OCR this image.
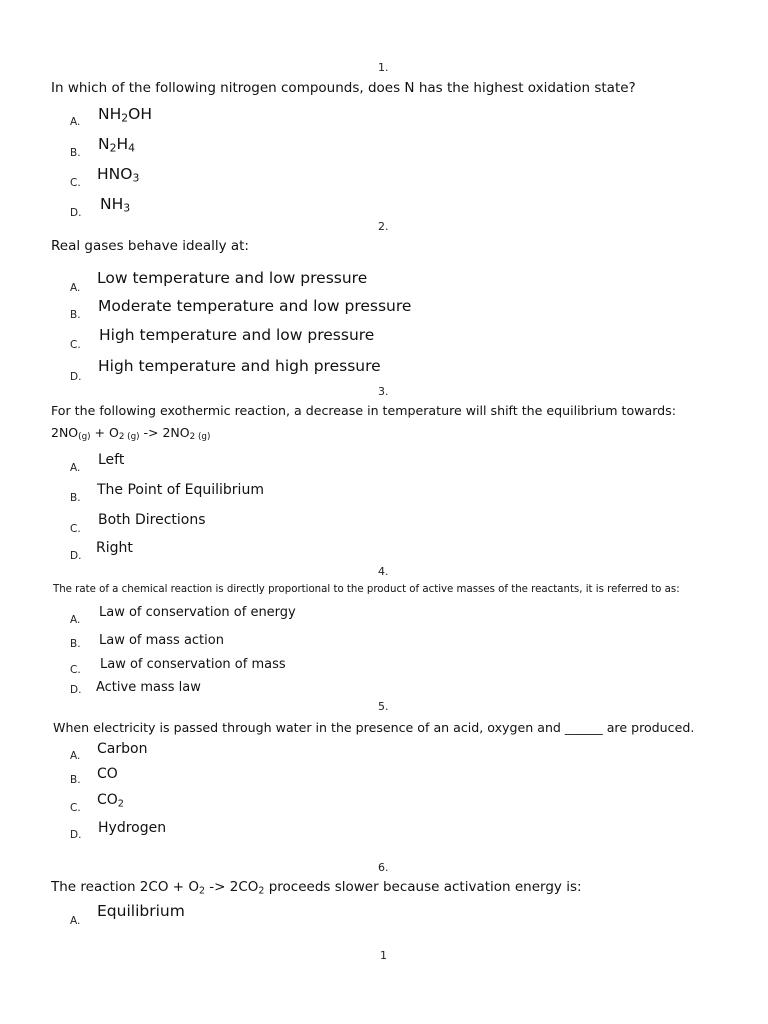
1.
In which of the following nitrogen compounds, does N has the highest oxidation state?
A. $NH_2OH$
B. $N_2H_4$
C. $HNO_3$
D. $NH_3$
2.
Real gases behave ideally at:
A.
Low temperature and low pressure
B. Moderate temperature and low pressure
C.
High temperature and low pressure
D.
High temperature and high pressure
3.
For the following exothermic reaction, a decrease in temperature will shift the equilibrium towards:
$2NO_{(g)} + O_{2 (g)} -> 2NO_{2 (g)}$
A. Left
B. The Point of Equilibrium
C.
Both Directions
D. Right
4.
The rate of a chemical reaction is directly proportional to the product of active masses of the reactants, it is referred to as:
A. Law of conservation of energy
B. Law of mass action
C. Law of conservation of mass
D. Active mass law
5.
When electricity is passed through water in the presence of an acid, oxygen and ______ are produced.
A. Carbon
B. CO
C. $CO_2$
D. Hydrogen
6.
The reaction $2CO + O_2 -> 2CO_2$ proceeds slower because activation energy is:
A.
Equilibrium
1
